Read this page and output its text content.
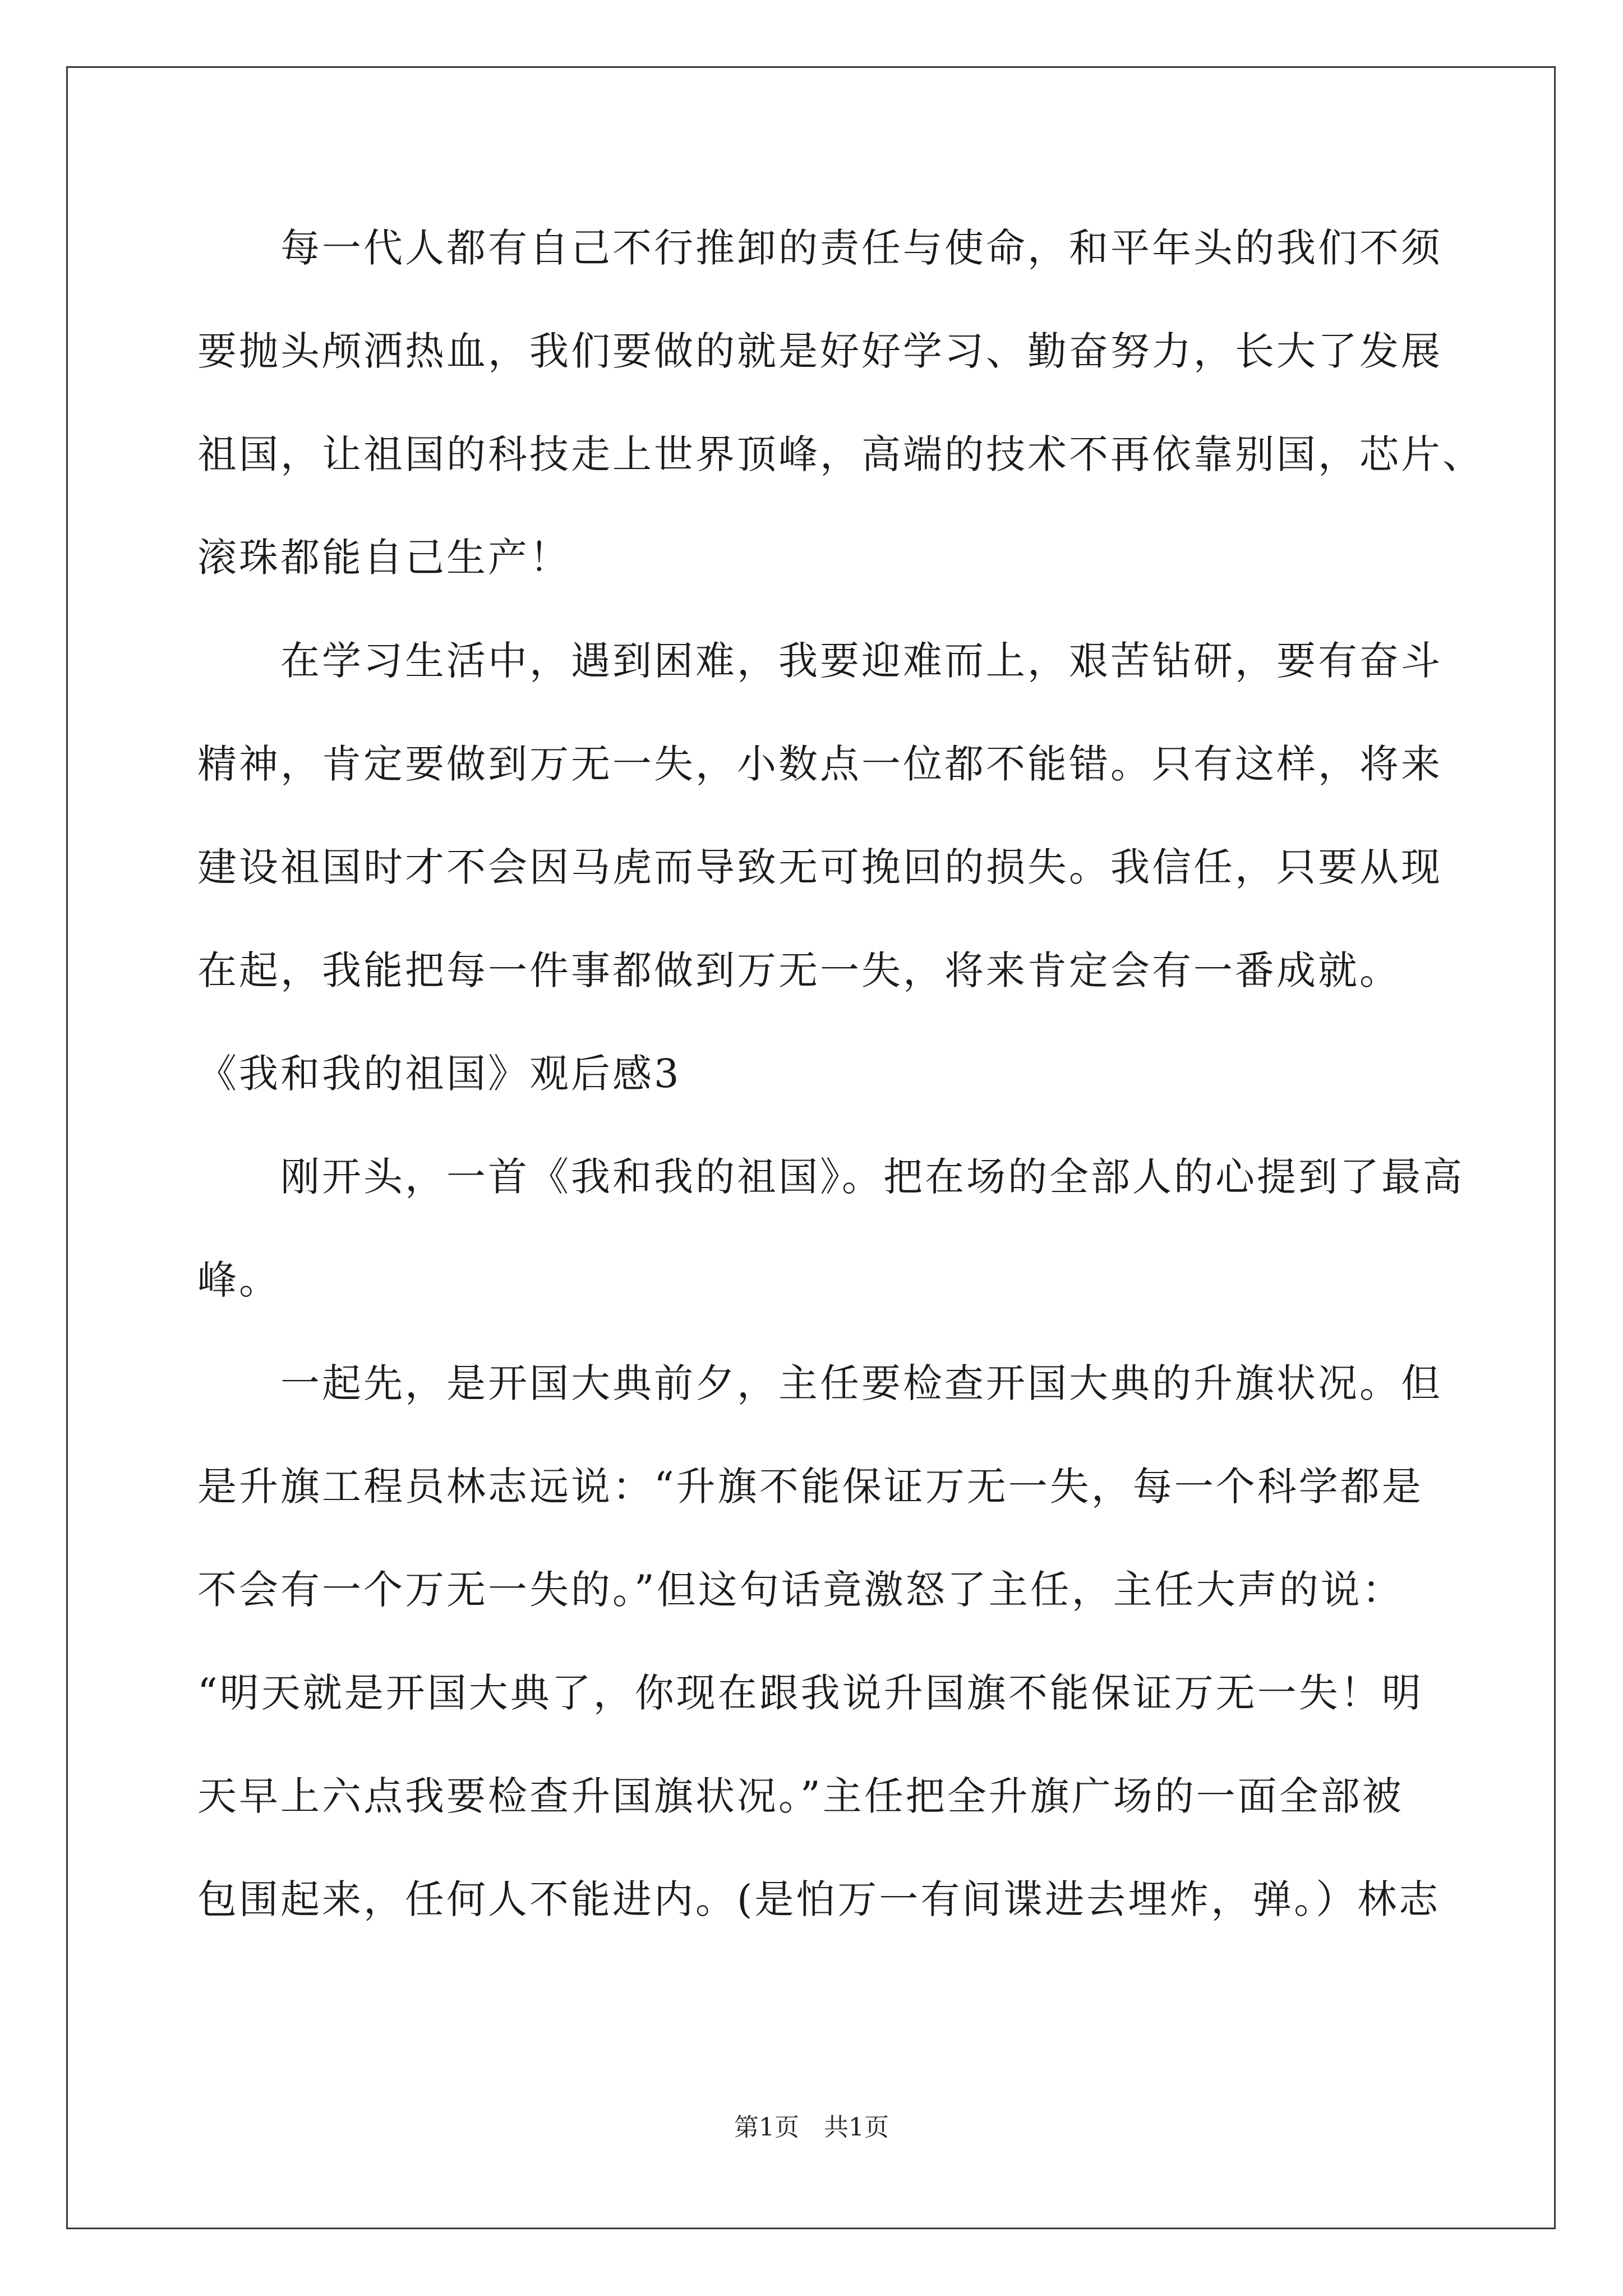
　　每一代人都有自己不行推卸的责任与使命，和平年头的我们不须
要抛头颅洒热血，我们要做的就是好好学习、勤奋努力，长大了发展
祖国，让祖国的科技走上世界顶峰，高端的技术不再依靠别国，芯片、
滚珠都能自己生产！
　　在学习生活中，遇到困难，我要迎难而上，艰苦钻研，要有奋斗
精神，肯定要做到万无一失，小数点一位都不能错。只有这样，将来
建设祖国时才不会因马虎而导致无可挽回的损失。我信任，只要从现
在起，我能把每一件事都做到万无一失，将来肯定会有一番成就。
《我和我的祖国》观后感3
　　刚开头，一首《我和我的祖国》。把在场的全部人的心提到了最高
峰。
　　一起先，是开国大典前夕，主任要检查开国大典的升旗状况。但
是升旗工程员林志远说：“升旗不能保证万无一失，每一个科学都是
不会有一个万无一失的。”但这句话竟激怒了主任，主任大声的说：
“明天就是开国大典了，你现在跟我说升国旗不能保证万无一失！明
天早上六点我要检查升国旗状况。”主任把全升旗广场的一面全部被
包围起来，任何人不能进内。(是怕万一有间谍进去埋炸，弹。）林志
第1页 共1页
